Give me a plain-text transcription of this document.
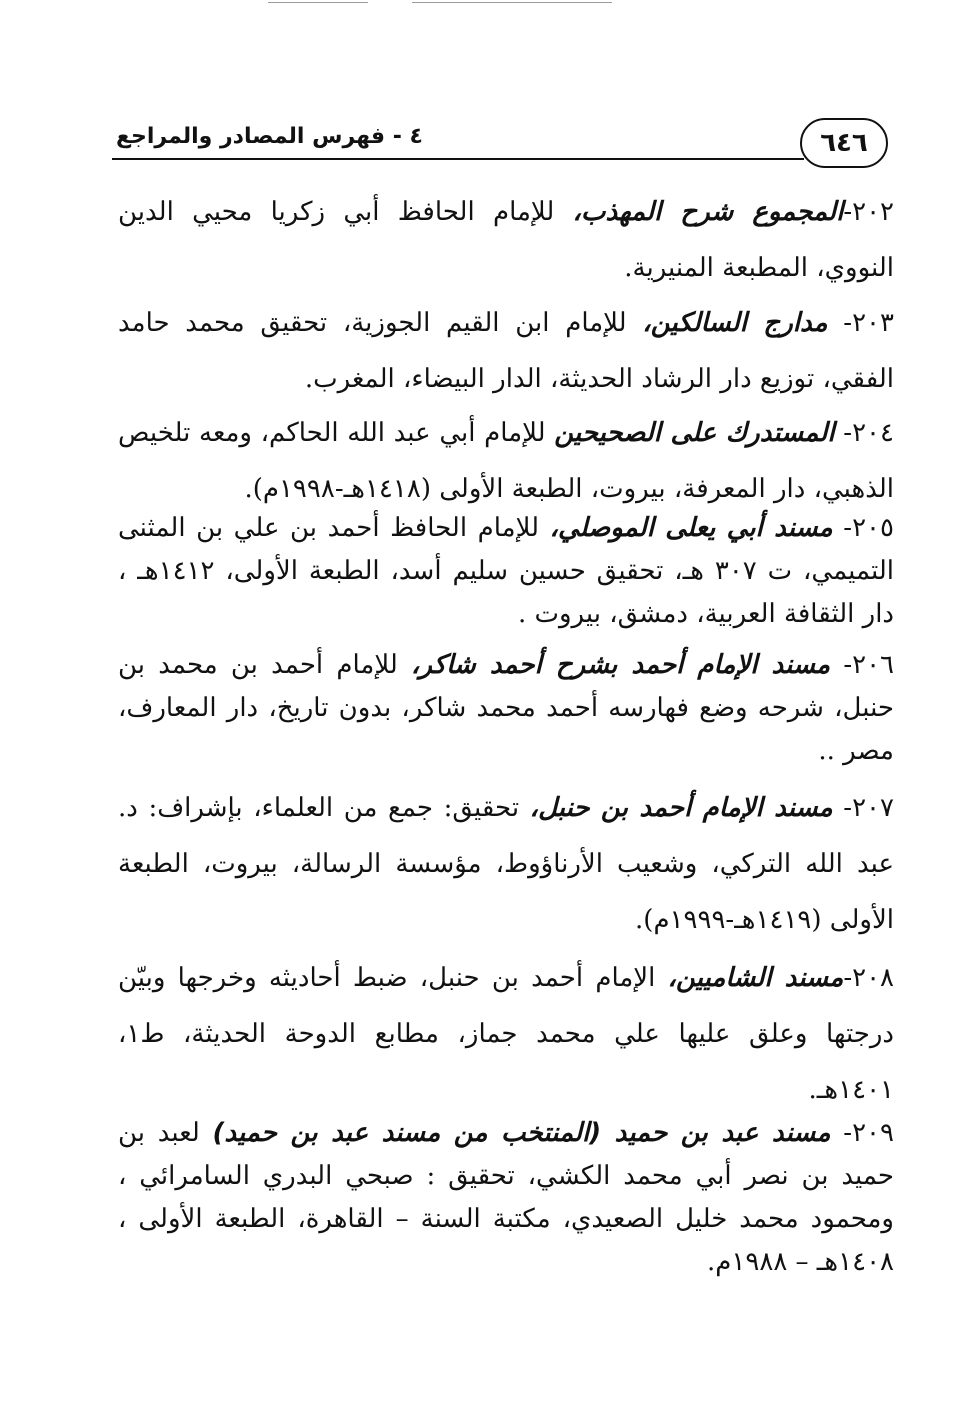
٤ - فهرس المصادر والمراجع	٦٤٦
٢٠٢-المجموع شرح المهذب، للإمام الحافظ أبي زكريا محيي الدين النووي، المطبعة المنيرية.
٢٠٣- مدارج السالكين، للإمام ابن القيم الجوزية، تحقيق محمد حامد الفقي، توزيع دار الرشاد الحديثة، الدار البيضاء، المغرب.
٢٠٤- المستدرك على الصحيحين للإمام أبي عبد الله الحاكم، ومعه تلخيص الذهبي، دار المعرفة، بيروت، الطبعة الأولى (١٤١٨هـ-١٩٩٨م).
٢٠٥- مسند أبي يعلى الموصلي، للإمام الحافظ أحمد بن علي بن المثنى التميمي، ت ٣٠٧ هـ، تحقيق حسين سليم أسد، الطبعة الأولى، ١٤١٢هـ ، دار الثقافة العربية، دمشق، بيروت .
٢٠٦- مسند الإمام أحمد بشرح أحمد شاكر، للإمام أحمد بن محمد بن حنبل، شرحه وضع فهارسه أحمد محمد شاكر، بدون تاريخ، دار المعارف، مصر ..
٢٠٧- مسند الإمام أحمد بن حنبل، تحقيق: جمع من العلماء، بإشراف: د. عبد الله التركي، وشعيب الأرناؤوط، مؤسسة الرسالة، بيروت، الطبعة الأولى (١٤١٩هـ-١٩٩٩م).
٢٠٨-مسند الشاميين، الإمام أحمد بن حنبل، ضبط أحاديثه وخرجها وبيّن درجتها وعلق عليها علي محمد جماز، مطابع الدوحة الحديثة، ط١، ١٤٠١هـ.
٢٠٩- مسند عبد بن حميد (المنتخب من مسند عبد بن حميد) لعبد بن حميد بن نصر أبي محمد الكشي، تحقيق : صبحي البدري السامرائي ، ومحمود محمد خليل الصعيدي، مكتبة السنة – القاهرة، الطبعة الأولى ، ١٤٠٨هـ – ١٩٨٨م.
